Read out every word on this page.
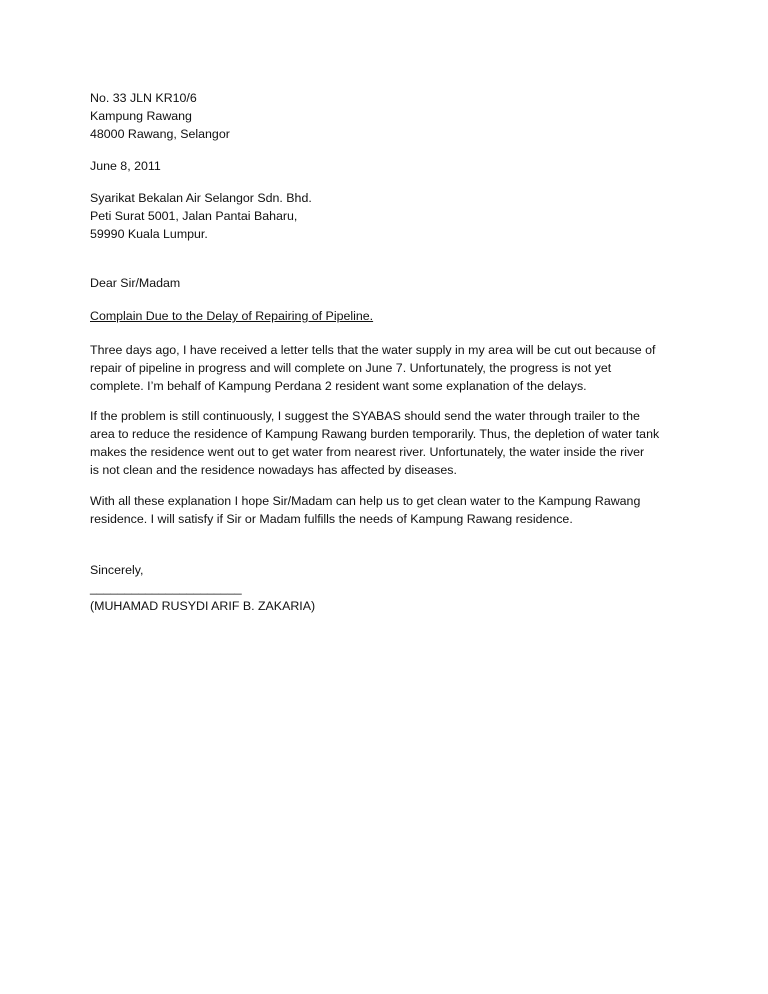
No. 33 JLN KR10/6
Kampung Rawang
48000 Rawang, Selangor
June 8, 2011
Syarikat Bekalan Air Selangor Sdn. Bhd.
Peti Surat 5001, Jalan Pantai Baharu,
59990 Kuala Lumpur.
Dear Sir/Madam
Complain Due to the Delay of Repairing of Pipeline.
Three days ago, I have received a letter tells that the water supply in my area will be cut out because of
repair of pipeline in progress and will complete on June 7. Unfortunately, the progress is not yet
complete. I’m behalf of Kampung Perdana 2 resident want some explanation of the delays.
If the problem is still continuously, I suggest the SYABAS should send the water through trailer to the
area to reduce the residence of Kampung Rawang burden temporarily. Thus, the depletion of water tank
makes the residence went out to get water from nearest river. Unfortunately, the water inside the river
is not clean and the residence nowadays has affected by diseases.
With all these explanation I hope Sir/Madam can help us to get clean water to the Kampung Rawang
residence. I will satisfy if Sir or Madam fulfills the needs of Kampung Rawang residence.
Sincerely,
______________________
(MUHAMAD RUSYDI ARIF B. ZAKARIA)
